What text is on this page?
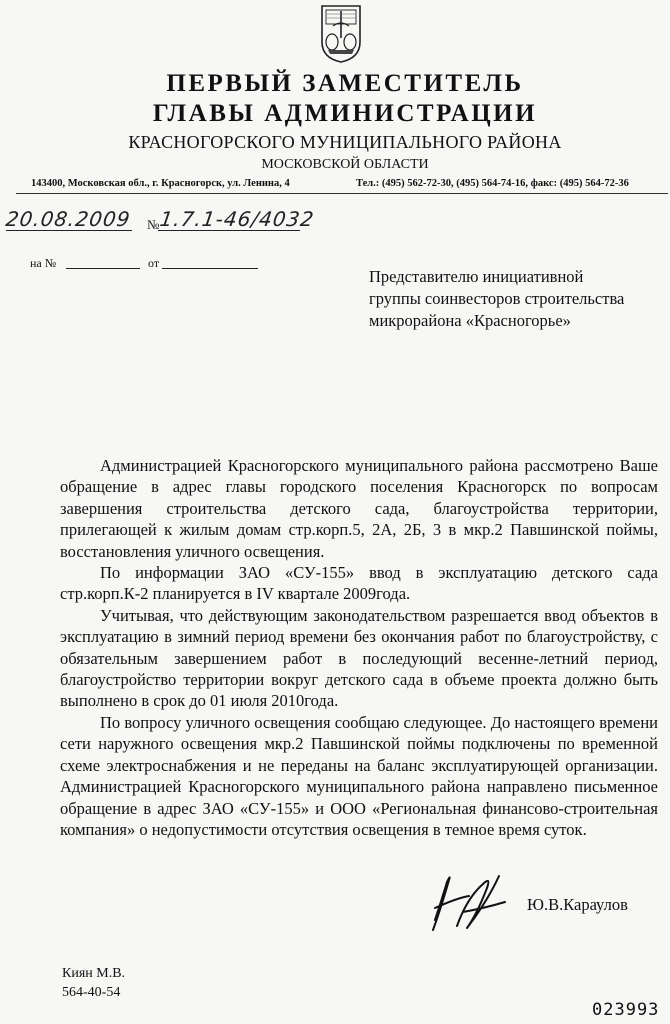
ПЕРВЫЙ ЗАМЕСТИТЕЛЬ
ГЛАВЫ АДМИНИСТРАЦИИ
КРАСНОГОРСКОГО МУНИЦИПАЛЬНОГО РАЙОНА
МОСКОВСКОЙ ОБЛАСТИ
143400, Московская обл., г. Красногорск, ул. Ленина, 4	Тел.: (495) 562-72-30, (495) 564-74-16, факс: (495) 564-72-36
20.08.2009 №
1.7.1-46/4032
на №	от
Представителю инициативной
группы соинвесторов строительства
микрорайона «Красногорье»

Администрацией Красногорского муниципального района рассмотрено Ваше обращение в адрес главы городского поселения Красногорск по вопросам завершения строительства детского сада, благоустройства территории, прилегающей к жилым домам стр.корп.5, 2А, 2Б, 3 в мкр.2 Павшинской поймы, восстановления уличного освещения.

По информации ЗАО «СУ-155» ввод в эксплуатацию детского сада стр.корп.К-2 планируется в IV квартале 2009года.

Учитывая, что действующим законодательством разрешается ввод объектов в эксплуатацию в зимний период времени без окончания работ по благоустройству, с обязательным завершением работ в последующий весенне-летний период, благоустройство территории вокруг детского сада в объеме проекта должно быть выполнено в срок до 01 июля 2010года.

По вопросу уличного освещения сообщаю следующее. До настоящего времени сети наружного освещения мкр.2 Павшинской поймы подключены по временной схеме электроснабжения и не переданы на баланс эксплуатирующей организации. Администрацией Красногорского муниципального района направлено письменное обращение в адрес ЗАО «СУ-155» и ООО «Региональная финансово-строительная компания» о недопустимости отсутствия освещения в темное время суток.

Ю.В.Караулов
Киян М.В.
564-40-54
023993
